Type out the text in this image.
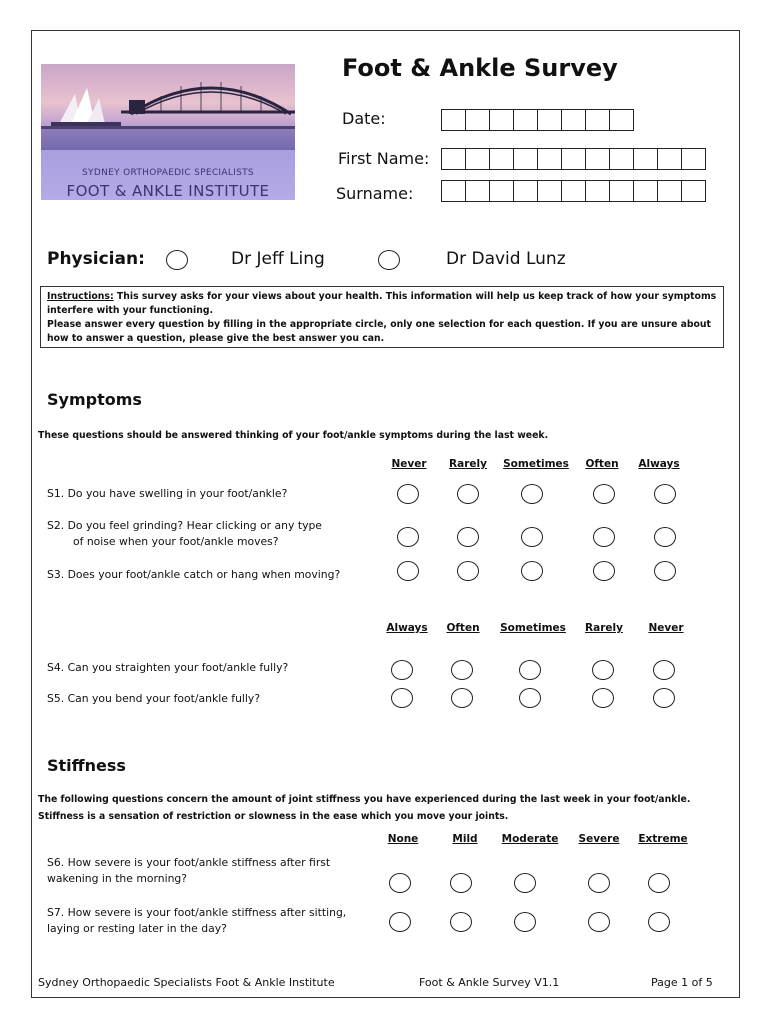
SYDNEY ORTHOPAEDIC SPECIALISTS
FOOT & ANKLE INSTITUTE
Foot & Ankle Survey
Date:
First Name:
Surname:
Physician:	Dr Jeff Ling	Dr David Lunz
Instructions: This survey asks for your views about your health. This information will help us keep track of how your symptoms interfere with your functioning.
Please answer every question by filling in the appropriate circle, only one selection for each question. If you are unsure about how to answer a question, please give the best answer you can.
Symptoms
These questions should be answered thinking of your foot/ankle symptoms during the last week.
Never Rarely Sometimes Often Always
S1. Do you have swelling in your foot/ankle?
S2. Do you feel grinding? Hear clicking or any type
of noise when your foot/ankle moves?
S3. Does your foot/ankle catch or hang when moving?
Always Often Sometimes Rarely Never
S4. Can you straighten your foot/ankle fully?
S5. Can you bend your foot/ankle fully?
Stiffness
The following questions concern the amount of joint stiffness you have experienced during the last week in your foot/ankle.
Stiffness is a sensation of restriction or slowness in the ease which you move your joints.
None	Mild Moderate Severe Extreme
S6. How severe is your foot/ankle stiffness after first
wakening in the morning?
S7. How severe is your foot/ankle stiffness after sitting,
laying or resting later in the day?
Sydney Orthopaedic Specialists Foot & Ankle Institute	Foot & Ankle Survey V1.1	Page 1 of 5
